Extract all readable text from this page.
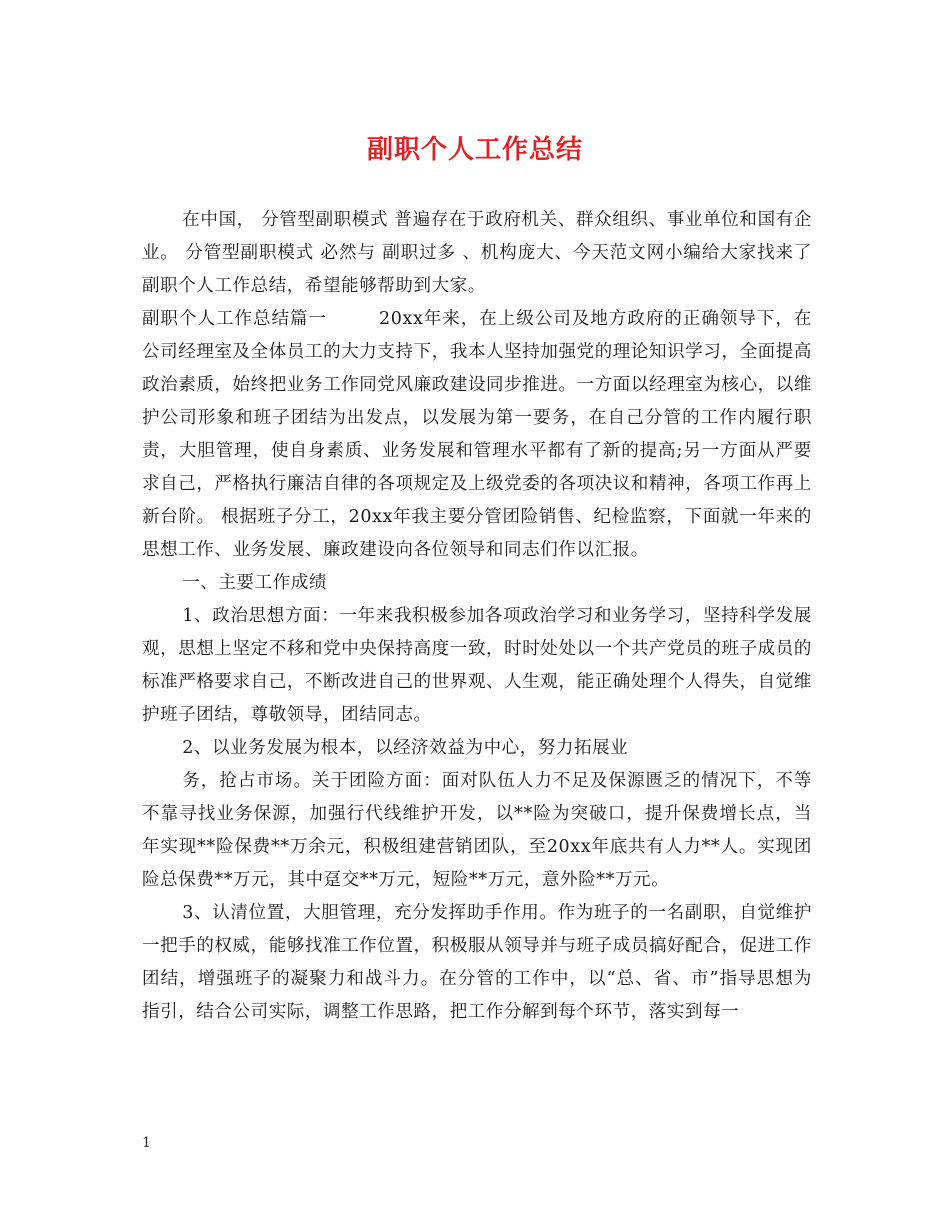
副职个人工作总结

在中国， 分管型副职模式 普遍存在于政府机关、群众组织、事业单位和国有企业。 分管型副职模式 必然与 副职过多 、机构庞大、今天范文网小编给大家找来了副职个人工作总结，希望能够帮助到大家。

副职个人工作总结篇一	20xx年来，在上级公司及地方政府的正确领导下，在公司经理室及全体员工的大力支持下，我本人坚持加强党的理论知识学习，全面提高政治素质，始终把业务工作同党风廉政建设同步推进。一方面以经理室为核心，以维护公司形象和班子团结为出发点，以发展为第一要务，在自己分管的工作内履行职责，大胆管理，使自身素质、业务发展和管理水平都有了新的提高;另一方面从严要求自己，严格执行廉洁自律的各项规定及上级党委的各项决议和精神，各项工作再上新台阶。 根据班子分工，20xx年我主要分管团险销售、纪检监察，下面就一年来的思想工作、业务发展、廉政建设向各位领导和同志们作以汇报。

一、主要工作成绩

1、政治思想方面：一年来我积极参加各项政治学习和业务学习，坚持科学发展观，思想上坚定不移和党中央保持高度一致，时时处处以一个共产党员的班子成员的标准严格要求自己，不断改进自己的世界观、人生观，能正确处理个人得失，自觉维护班子团结，尊敬领导，团结同志。

2、以业务发展为根本，以经济效益为中心，努力拓展业

务，抢占市场。关于团险方面：面对队伍人力不足及保源匮乏的情况下，不等不靠寻找业务保源，加强行代线维护开发，以**险为突破口，提升保费增长点，当年实现**险保费**万余元，积极组建营销团队，至20xx年底共有人力**人。实现团险总保费**万元，其中趸交**万元，短险**万元，意外险**万元。

3、认清位置，大胆管理，充分发挥助手作用。作为班子的一名副职，自觉维护一把手的权威，能够找准工作位置，积极服从领导并与班子成员搞好配合，促进工作团结，增强班子的凝聚力和战斗力。在分管的工作中，以“总、省、市”指导思想为指引，结合公司实际，调整工作思路，把工作分解到每个环节，落实到每一

1
